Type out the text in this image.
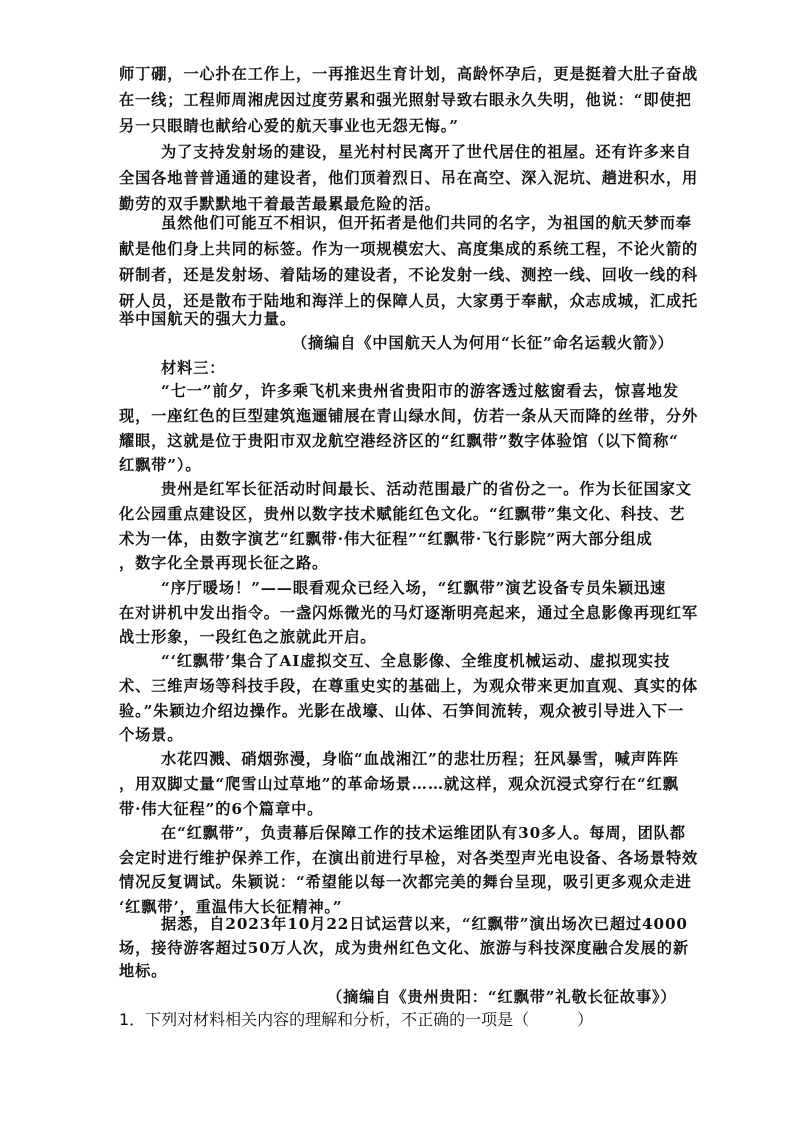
师丁硼，一心扑在工作上，一再推迟生育计划，高龄怀孕后，更是挺着大肚子奋战
在一线；工程师周湘虎因过度劳累和强光照射导致右眼永久失明，他说：“即使把
另一只眼睛也献给心爱的航天事业也无怨无悔。”
为了支持发射场的建设，星光村村民离开了世代居住的祖屋。还有许多来自
全国各地普普通通的建设者，他们顶着烈日、吊在高空、深入泥坑、趟进积水，用
勤劳的双手默默地干着最苦最累最危险的活。
虽然他们可能互不相识，但开拓者是他们共同的名字，为祖国的航天梦而奉
献是他们身上共同的标签。作为一项规模宏大、高度集成的系统工程，不论火箭的
研制者，还是发射场、着陆场的建设者，不论发射一线、测控一线、回收一线的科
研人员，还是散布于陆地和海洋上的保障人员，大家勇于奉献，众志成城，汇成托
举中国航天的强大力量。
（摘编自《中国航天人为何用“长征”命名运载火箭》）
材料三：
“七一”前夕，许多乘飞机来贵州省贵阳市的游客透过舷窗看去，惊喜地发
现，一座红色的巨型建筑迤逦铺展在青山绿水间，仿若一条从天而降的丝带，分外
耀眼，这就是位于贵阳市双龙航空港经济区的“红飘带”数字体验馆（以下简称“
红飘带”）。
贵州是红军长征活动时间最长、活动范围最广的省份之一。作为长征国家文
化公园重点建设区，贵州以数字技术赋能红色文化。“红飘带”集文化、科技、艺
术为一体，由数字演艺“红飘带·伟大征程”“红飘带·飞行影院”两大部分组成
，数字化全景再现长征之路。
“序厅暖场！”——眼看观众已经入场，“红飘带”演艺设备专员朱颖迅速
在对讲机中发出指令。一盏闪烁微光的马灯逐渐明亮起来，通过全息影像再现红军
战士形象，一段红色之旅就此开启。
“‘红飘带’集合了AI虚拟交互、全息影像、全维度机械运动、虚拟现实技
术、三维声场等科技手段，在尊重史实的基础上，为观众带来更加直观、真实的体
验。”朱颖边介绍边操作。光影在战壕、山体、石笋间流转，观众被引导进入下一
个场景。
水花四溅、硝烟弥漫，身临“血战湘江”的悲壮历程；狂风暴雪，喊声阵阵
，用双脚丈量“爬雪山过草地”的革命场景……就这样，观众沉浸式穿行在“红飘
带·伟大征程”的6个篇章中。
在“红飘带”，负责幕后保障工作的技术运维团队有30多人。每周，团队都
会定时进行维护保养工作，在演出前进行早检，对各类型声光电设备、各场景特效
情况反复调试。朱颖说：“希望能以每一次都完美的舞台呈现，吸引更多观众走进
‘红飘带’，重温伟大长征精神。”
据悉，自2023年10月22日试运营以来，“红飘带”演出场次已超过4000
场，接待游客超过50万人次，成为贵州红色文化、旅游与科技深度融合发展的新
地标。
（摘编自《贵州贵阳：“红飘带”礼敬长征故事》）
1．下列对材料相关内容的理解和分析，不正确的一项是（　　　）
